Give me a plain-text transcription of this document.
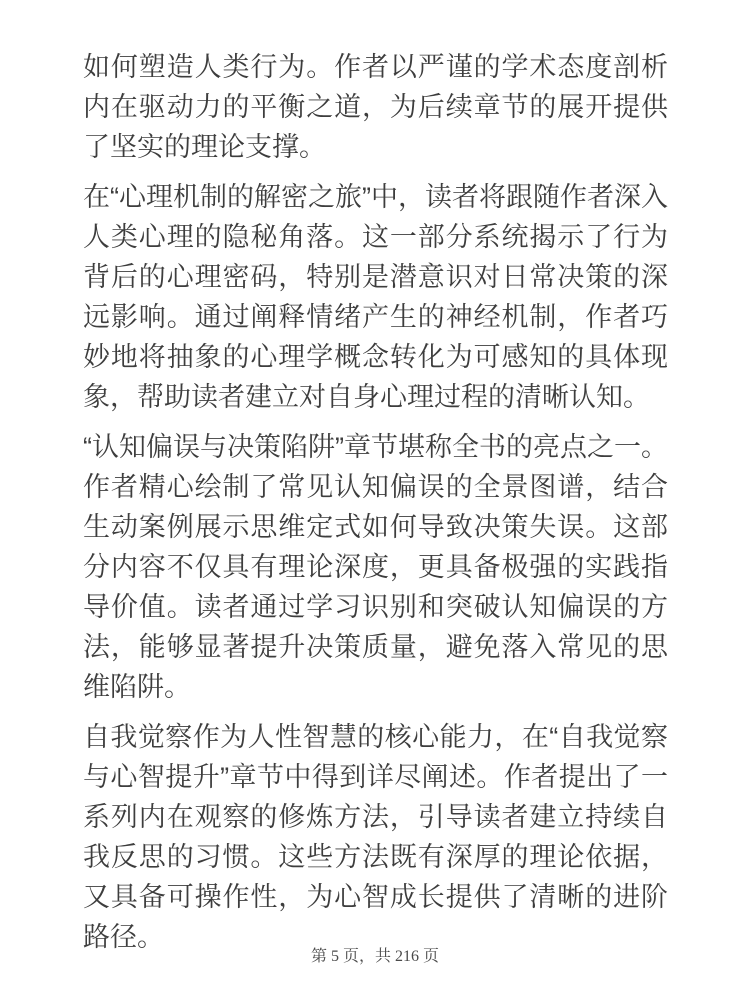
如何塑造人类行为。作者以严谨的学术态度剖析内在驱动力的平衡之道，为后续章节的展开提供了坚实的理论支撑。

在“心理机制的解密之旅”中，读者将跟随作者深入人类心理的隐秘角落。这一部分系统揭示了行为背后的心理密码，特别是潜意识对日常决策的深远影响。通过阐释情绪产生的神经机制，作者巧妙地将抽象的心理学概念转化为可感知的具体现象，帮助读者建立对自身心理过程的清晰认知。

“认知偏误与决策陷阱”章节堪称全书的亮点之一。作者精心绘制了常见认知偏误的全景图谱，结合生动案例展示思维定式如何导致决策失误。这部分内容不仅具有理论深度，更具备极强的实践指导价值。读者通过学习识别和突破认知偏误的方法，能够显著提升决策质量，避免落入常见的思维陷阱。

自我觉察作为人性智慧的核心能力，在“自我觉察与心智提升”章节中得到详尽阐述。作者提出了一系列内在观察的修炼方法，引导读者建立持续自我反思的习惯。这些方法既有深厚的理论依据，又具备可操作性，为心智成长提供了清晰的进阶路径。

第 5 页，共 216 页
